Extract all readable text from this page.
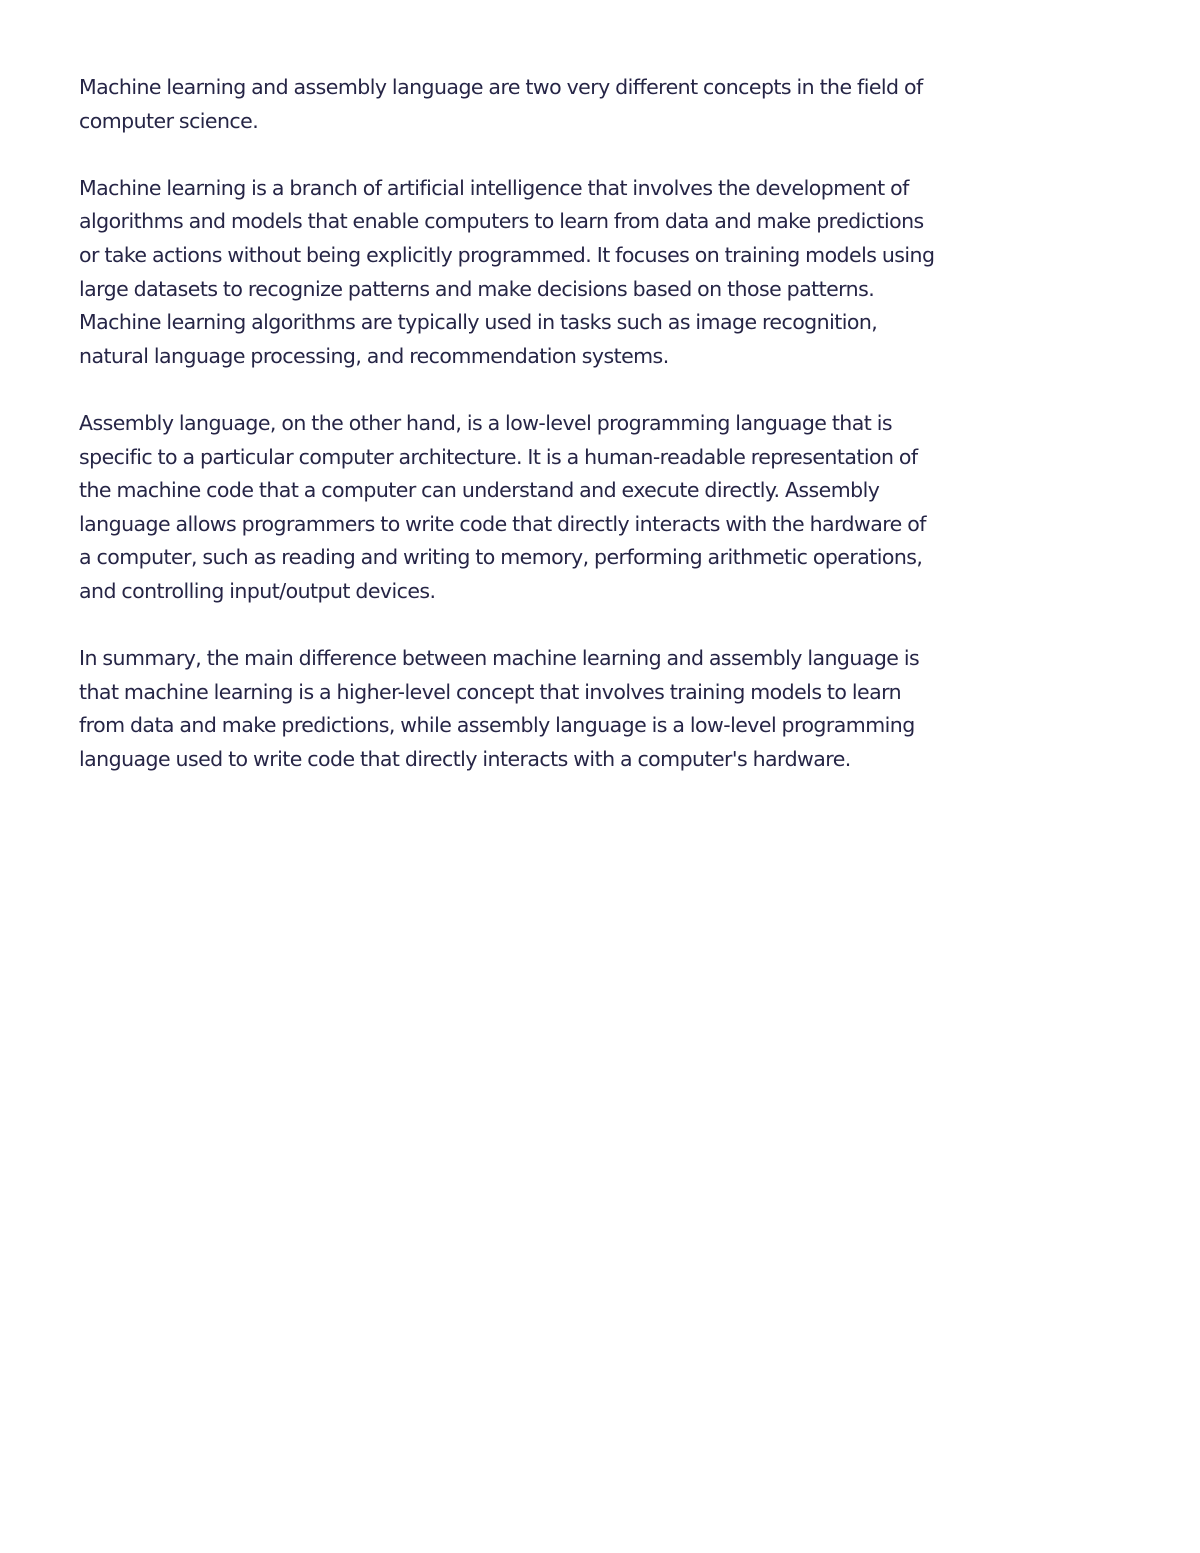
Machine learning and assembly language are two very different concepts in the field of
computer science.

Machine learning is a branch of artificial intelligence that involves the development of
algorithms and models that enable computers to learn from data and make predictions
or take actions without being explicitly programmed. It focuses on training models using
large datasets to recognize patterns and make decisions based on those patterns.
Machine learning algorithms are typically used in tasks such as image recognition,
natural language processing, and recommendation systems.

Assembly language, on the other hand, is a low-level programming language that is
specific to a particular computer architecture. It is a human-readable representation of
the machine code that a computer can understand and execute directly. Assembly
language allows programmers to write code that directly interacts with the hardware of
a computer, such as reading and writing to memory, performing arithmetic operations,
and controlling input/output devices.

In summary, the main difference between machine learning and assembly language is
that machine learning is a higher-level concept that involves training models to learn
from data and make predictions, while assembly language is a low-level programming
language used to write code that directly interacts with a computer's hardware.
